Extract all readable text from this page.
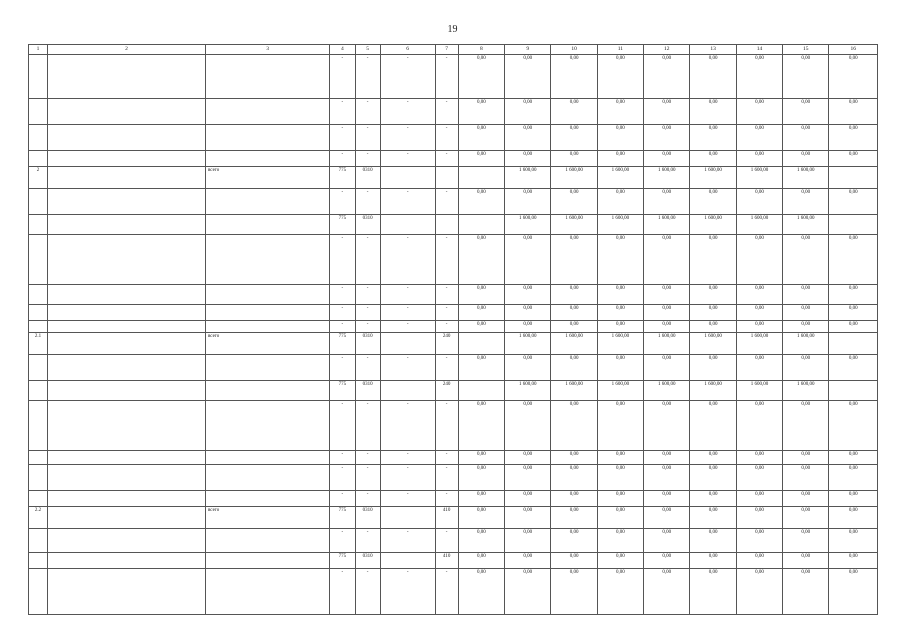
19
1	2	3	4	5	6	7	8	9	10	11	12	13	14	15	16
			-	-	-	-	0,00	0,00	0,00	0,00	0,00	0,00	0,00	0,00	0,00
			-	-	-	-	0,00	0,00	0,00	0,00	0,00	0,00	0,00	0,00	0,00
			-	-	-	-	0,00	0,00	0,00	0,00	0,00	0,00	0,00	0,00	0,00
			-	-	-	-	0,00	0,00	0,00	0,00	0,00	0,00	0,00	0,00	0,00
2		всего	775	0310				1 600,00	1 600,00	1 600,00	1 600,00	1 600,00	1 600,00	1 600,00	
			-	-	-	-	0,00	0,00	0,00	0,00	0,00	0,00	0,00	0,00	0,00
			775	0310				1 600,00	1 600,00	1 600,00	1 600,00	1 600,00	1 600,00	1 600,00	
			-	-	-	-	0,00	0,00	0,00	0,00	0,00	0,00	0,00	0,00	0,00
			-	-	-	-	0,00	0,00	0,00	0,00	0,00	0,00	0,00	0,00	0,00
			-	-	-	-	0,00	0,00	0,00	0,00	0,00	0,00	0,00	0,00	0,00
			-	-	-	-	0,00	0,00	0,00	0,00	0,00	0,00	0,00	0,00	0,00
2.1		всего	775	0310		240		1 600,00	1 600,00	1 600,00	1 600,00	1 600,00	1 600,00	1 600,00	
			-	-	-	-	0,00	0,00	0,00	0,00	0,00	0,00	0,00	0,00	0,00
			775	0310		240		1 600,00	1 600,00	1 600,00	1 600,00	1 600,00	1 600,00	1 600,00	
			-	-	-	-	0,00	0,00	0,00	0,00	0,00	0,00	0,00	0,00	0,00
			-	-	-	-	0,00	0,00	0,00	0,00	0,00	0,00	0,00	0,00	0,00
			-	-	-	-	0,00	0,00	0,00	0,00	0,00	0,00	0,00	0,00	0,00
			-	-	-	-	0,00	0,00	0,00	0,00	0,00	0,00	0,00	0,00	0,00
2.2		всего	775	0310		410	0,00	0,00	0,00	0,00	0,00	0,00	0,00	0,00	0,00
			-	-	-	-	0,00	0,00	0,00	0,00	0,00	0,00	0,00	0,00	0,00
			775	0310		410	0,00	0,00	0,00	0,00	0,00	0,00	0,00	0,00	0,00
			-	-	-	-	0,00	0,00	0,00	0,00	0,00	0,00	0,00	0,00	0,00
